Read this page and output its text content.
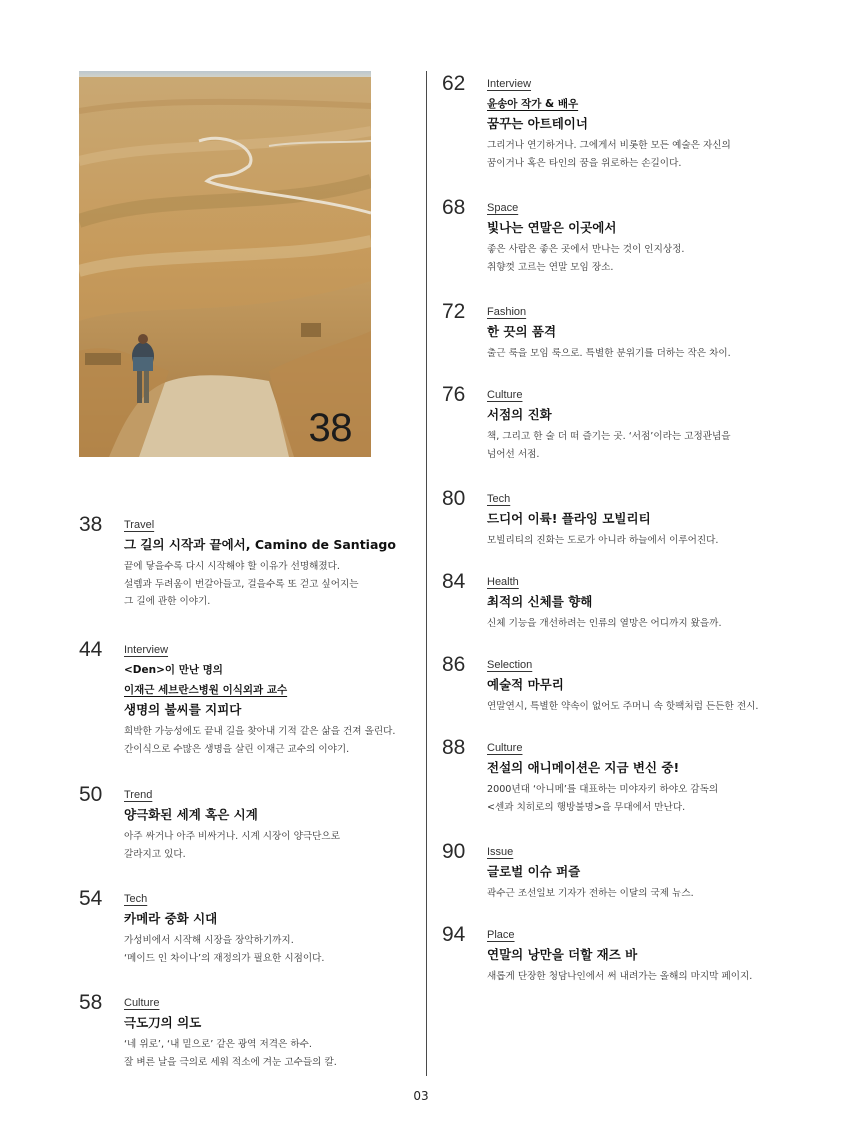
38
38 Travel
그 길의 시작과 끝에서, Camino de Santiago
끝에 닿을수록 다시 시작해야 할 이유가 선명해졌다.
설렘과 두려움이 번갈아들고, 걸을수록 또 걷고 싶어지는
그 길에 관한 이야기.
44 Interview
<Den>이 만난 명의
이재근 세브란스병원 이식외과 교수
생명의 불씨를 지피다
희박한 가능성에도 끝내 길을 찾아내 기적 같은 삶을 건져 올린다.
간이식으로 수많은 생명을 살린 이재근 교수의 이야기.
50 Trend
양극화된 세계 혹은 시계
아주 싸거나 아주 비싸거나. 시계 시장이 양극단으로
갈라지고 있다.
54 Tech
카메라 중화 시대
가성비에서 시작해 시장을 장악하기까지.
‘메이드 인 차이나’의 재정의가 필요한 시점이다.
58 Culture
극도刀의 의도
‘네 위로’, ‘내 밑으로’ 같은 광역 저격은 하수.
잘 벼른 날을 극의로 세워 적소에 겨눈 고수들의 칼.
62 Interview
윤송아 작가 & 배우
꿈꾸는 아트테이너
그리거나 연기하거나. 그에게서 비롯한 모든 예술은 자신의
꿈이거나 혹은 타인의 꿈을 위로하는 손길이다.
68 Space
빛나는 연말은 이곳에서
좋은 사람은 좋은 곳에서 만나는 것이 인지상정.
취향껏 고르는 연말 모임 장소.
72 Fashion
한 끗의 품격
출근 룩을 모임 룩으로. 특별한 분위기를 더하는 작은 차이.
76 Culture
서점의 진화
책, 그리고 한 술 더 떠 즐기는 곳. ‘서점’이라는 고정관념을
넘어선 서점.
80 Tech
드디어 이륙! 플라잉 모빌리티
모빌리티의 진화는 도로가 아니라 하늘에서 이루어진다.
84 Health
최적의 신체를 향해
신체 기능을 개선하려는 인류의 열망은 어디까지 왔을까.
86 Selection
예술적 마무리
연말연시, 특별한 약속이 없어도 주머니 속 핫팩처럼 든든한 전시.
88 Culture
전설의 애니메이션은 지금 변신 중!
2000년대 ‘아니메’를 대표하는 미야자키 하야오 감독의
<센과 치히로의 행방불명>을 무대에서 만난다.
90 Issue
글로벌 이슈 퍼즐
곽수근 조선일보 기자가 전하는 이달의 국제 뉴스.
94 Place
연말의 낭만을 더할 재즈 바
새롭게 단장한 청담나인에서 써 내려가는 올해의 마지막 페이지.
03
